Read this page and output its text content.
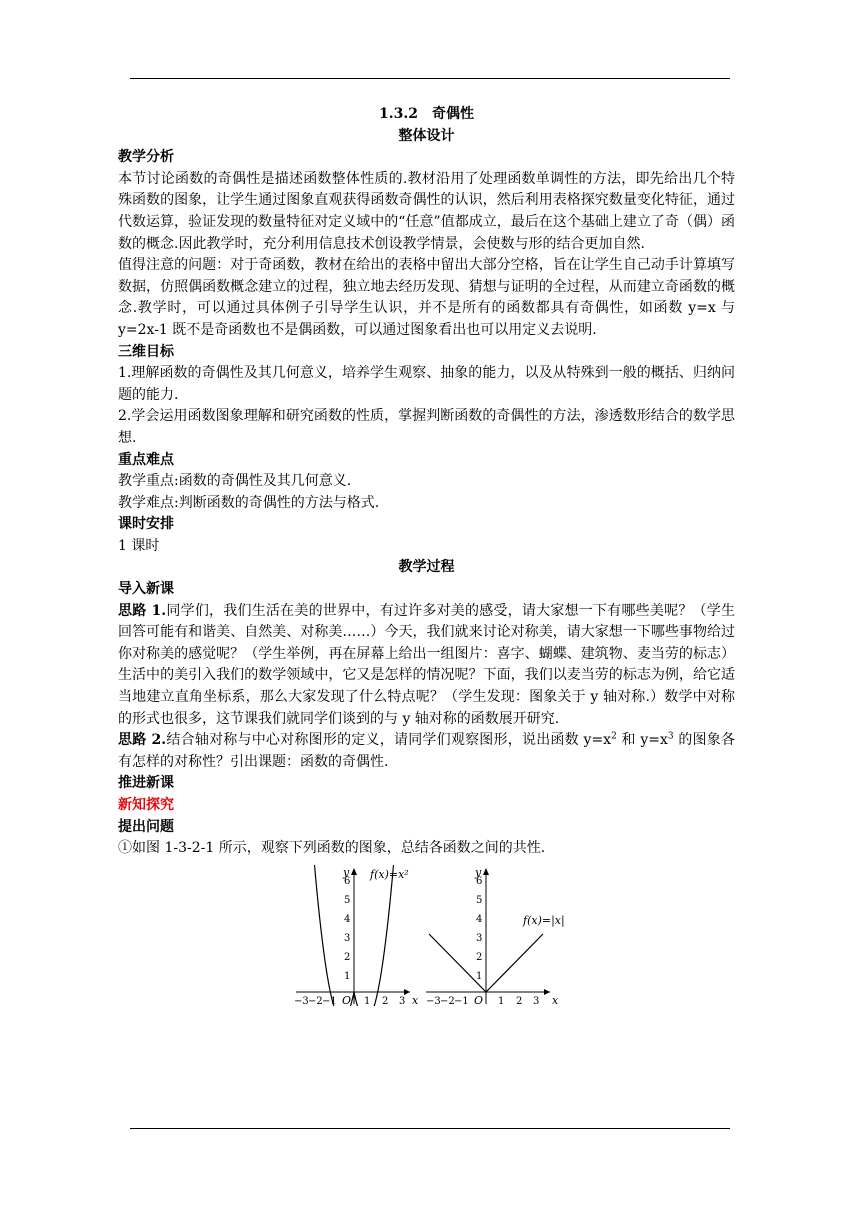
1.3.2　奇偶性
整体设计
教学分析

本节讨论函数的奇偶性是描述函数整体性质的.教材沿用了处理函数单调性的方法，即先给出几个特殊函数的图象，让学生通过图象直观获得函数奇偶性的认识，然后利用表格探究数量变化特征，通过代数运算，验证发现的数量特征对定义域中的“任意”值都成立，最后在这个基础上建立了奇（偶）函数的概念.因此教学时，充分利用信息技术创设教学情景，会使数与形的结合更加自然.

值得注意的问题：对于奇函数，教材在给出的表格中留出大部分空格，旨在让学生自己动手计算填写数据，仿照偶函数概念建立的过程，独立地去经历发现、猜想与证明的全过程，从而建立奇函数的概念.教学时，可以通过具体例子引导学生认识，并不是所有的函数都具有奇偶性，如函数 y=x 与 y=2x-1 既不是奇函数也不是偶函数，可以通过图象看出也可以用定义去说明.

三维目标

1.理解函数的奇偶性及其几何意义，培养学生观察、抽象的能力，以及从特殊到一般的概括、归纳问题的能力.

2.学会运用函数图象理解和研究函数的性质，掌握判断函数的奇偶性的方法，渗透数形结合的数学思想.

重点难点

教学重点:函数的奇偶性及其几何意义.

教学难点:判断函数的奇偶性的方法与格式.

课时安排

1 课时

教学过程
导入新课

思路 1.同学们，我们生活在美的世界中，有过许多对美的感受，请大家想一下有哪些美呢？（学生回答可能有和谐美、自然美、对称美……）今天，我们就来讨论对称美，请大家想一下哪些事物给过你对称美的感觉呢？（学生举例，再在屏幕上给出一组图片：喜字、蝴蝶、建筑物、麦当劳的标志）生活中的美引入我们的数学领域中，它又是怎样的情况呢？下面，我们以麦当劳的标志为例，给它适当地建立直角坐标系，那么大家发现了什么特点呢？（学生发现：图象关于 y 轴对称.）数学中对称的形式也很多，这节课我们就同学们谈到的与 y 轴对称的函数展开研究.

思路 2.结合轴对称与中心对称图形的定义，请同学们观察图形，说出函数 $y=x^2$ 和 $y=x^3$ 的图象各有怎样的对称性？引出课题：函数的奇偶性.

推进新课
新知探究
提出问题

①如图 1-3-2-1 所示，观察下列函数的图象，总结各函数之间的共性.

y
x
O
f(x)=x²
−3 −2 −1	1 2 3
1
2
3
4
5
6
y
x
O
f(x)=|x|
−3 −2 −1	1 2 3
1
2
3
4
5
6
